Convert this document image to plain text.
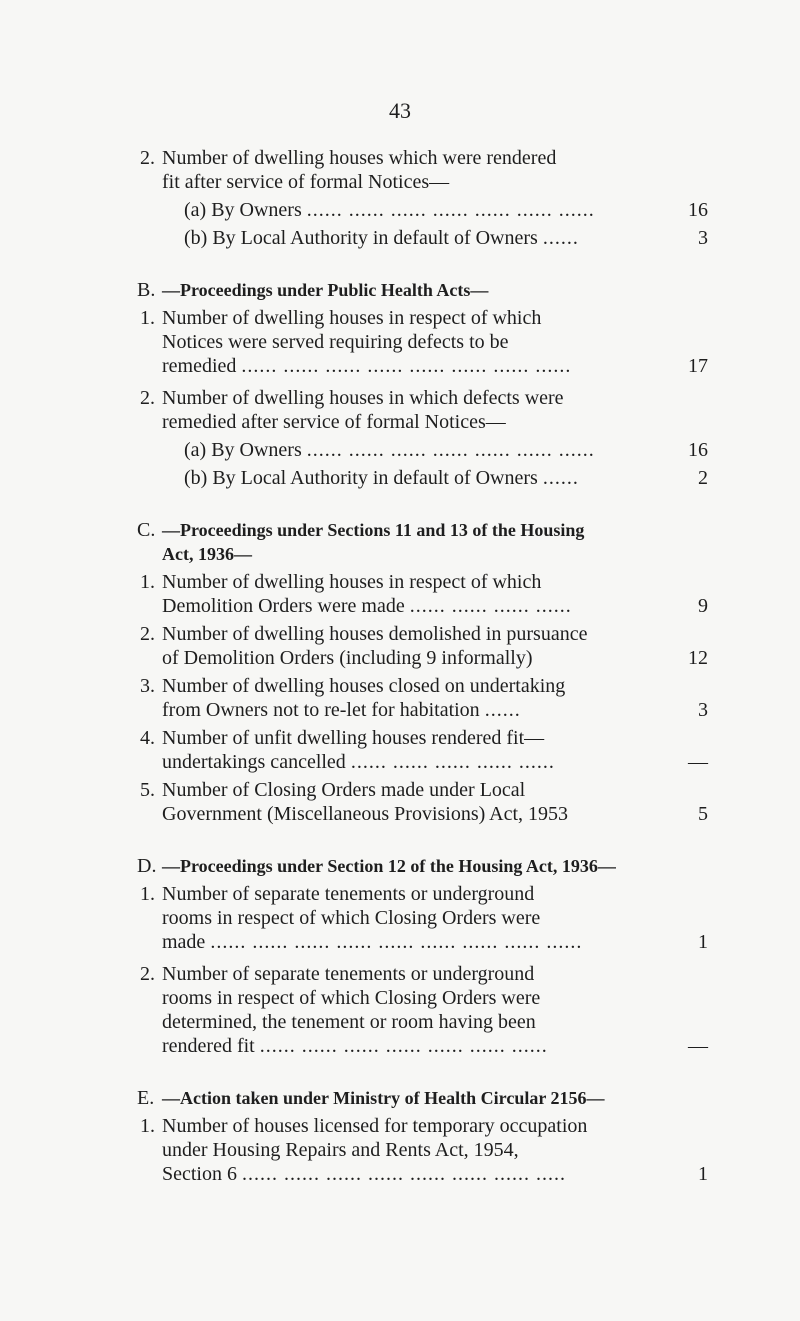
43
2. Number of dwelling houses which were rendered
fit after service of formal Notices—
(a) By Owners ...... ...... ...... ...... ...... ...... ......	16
(b) By Local Authority in default of Owners ......	3
B. —Proceedings under Public Health Acts—
1. Number of dwelling houses in respect of which
Notices were served requiring defects to be
remedied ...... ...... ...... ...... ...... ...... ...... ......	17
2. Number of dwelling houses in which defects were
remedied after service of formal Notices—
(a) By Owners ...... ...... ...... ...... ...... ...... ......	16
(b) By Local Authority in default of Owners ......	2
C. —Proceedings under Sections 11 and 13 of the Housing
Act, 1936—
1. Number of dwelling houses in respect of which
Demolition Orders were made ...... ...... ...... ......	9
2. Number of dwelling houses demolished in pursuance
of Demolition Orders (including 9 informally)	12
3. Number of dwelling houses closed on undertaking
from Owners not to re-let for habitation ......	3
4. Number of unfit dwelling houses rendered fit—
undertakings cancelled ...... ...... ...... ...... ......	—
5. Number of Closing Orders made under Local
Government (Miscellaneous Provisions) Act, 1953	5
D. —Proceedings under Section 12 of the Housing Act, 1936—
1. Number of separate tenements or underground
rooms in respect of which Closing Orders were
made ...... ...... ...... ...... ...... ...... ...... ...... ......	1
2. Number of separate tenements or underground
rooms in respect of which Closing Orders were
determined, the tenement or room having been
rendered fit ...... ...... ...... ...... ...... ...... ......	—
E. —Action taken under Ministry of Health Circular 2156—
1. Number of houses licensed for temporary occupation
under Housing Repairs and Rents Act, 1954,
Section 6 ...... ...... ...... ...... ...... ...... ...... .....	1
